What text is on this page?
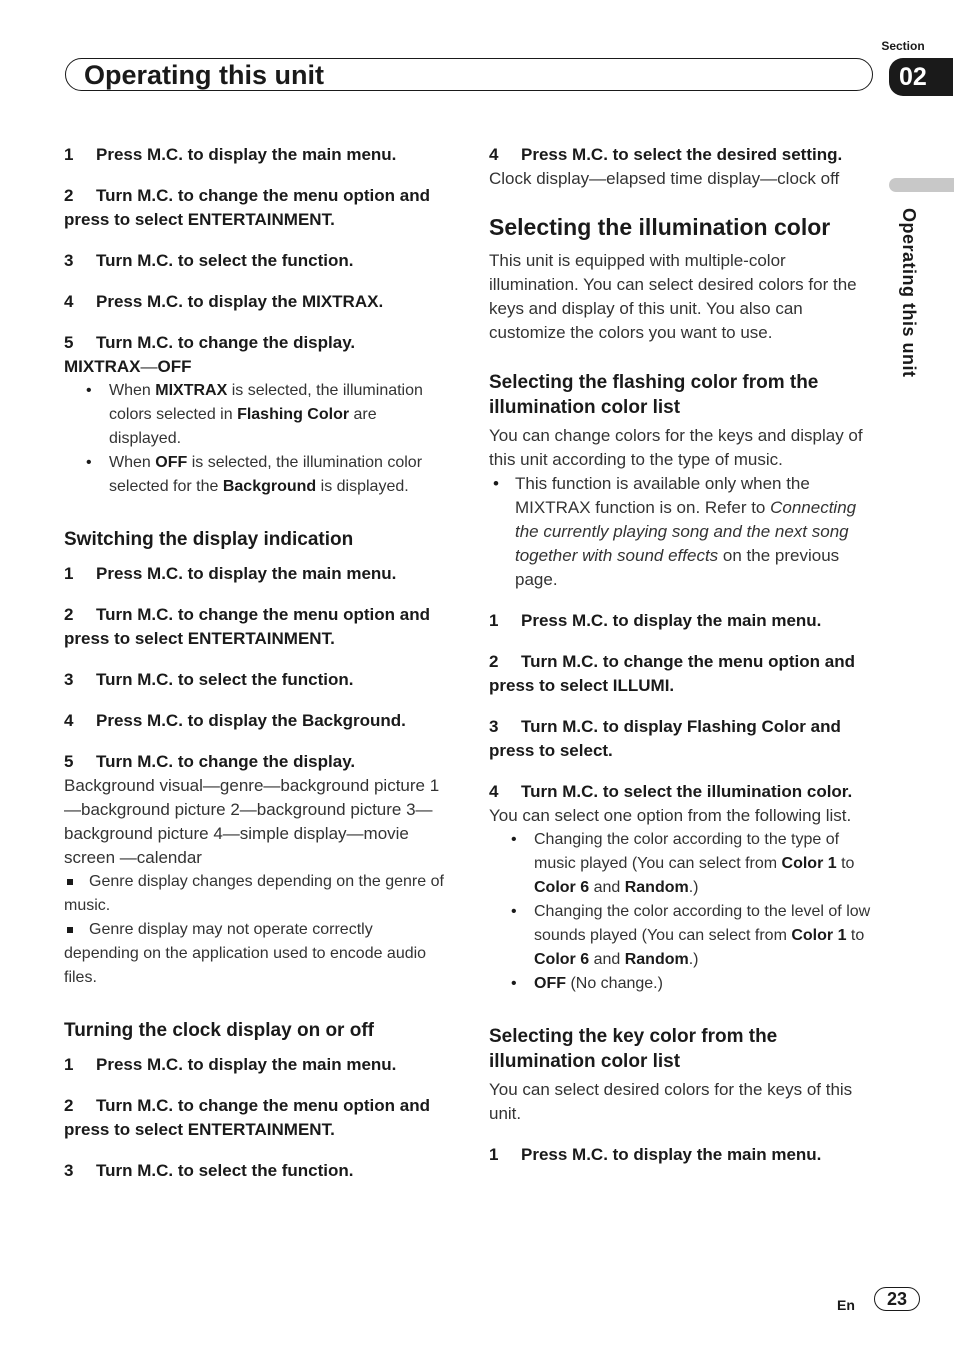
Operating this unit
Section
02
Operating this unit

1 Press M.C. to display the main menu.

2 Turn M.C. to change the menu option and press to select ENTERTAINMENT.

3 Turn M.C. to select the function.

4 Press M.C. to display the MIXTRAX.

5 Turn M.C. to change the display.

MIXTRAX—OFF

• When MIXTRAX is selected, the illumination colors selected in Flashing Color are displayed.

• When OFF is selected, the illumination color selected for the Background is displayed.

Switching the display indication

1 Press M.C. to display the main menu.

2 Turn M.C. to change the menu option and press to select ENTERTAINMENT.

3 Turn M.C. to select the function.

4 Press M.C. to display the Background.

5 Turn M.C. to change the display.

Background visual—genre—background picture 1—background picture 2—background picture 3—background picture 4—simple display—movie screen —calendar

Genre display changes depending on the genre of music.

Genre display may not operate correctly depending on the application used to encode audio files.

Turning the clock display on or off

1 Press M.C. to display the main menu.

2 Turn M.C. to change the menu option and press to select ENTERTAINMENT.

3 Turn M.C. to select the function.

4 Press M.C. to select the desired setting.

Clock display—elapsed time display—clock off

Selecting the illumination color

This unit is equipped with multiple-color illumination. You can select desired colors for the keys and display of this unit. You also can customize the colors you want to use.

Selecting the flashing color from the illumination color list

You can change colors for the keys and display of this unit according to the type of music.

• This function is available only when the MIXTRAX function is on. Refer to Connecting the currently playing song and the next song together with sound effects on the previous page.

1 Press M.C. to display the main menu.

2 Turn M.C. to change the menu option and press to select ILLUMI.

3 Turn M.C. to display Flashing Color and press to select.

4 Turn M.C. to select the illumination color.

You can select one option from the following list.

• Changing the color according to the type of music played (You can select from Color 1 to Color 6 and Random.)

• Changing the color according to the level of low sounds played (You can select from Color 1 to Color 6 and Random.)

• OFF (No change.)

Selecting the key color from the illumination color list

You can select desired colors for the keys of this unit.

1 Press M.C. to display the main menu.

En	23
